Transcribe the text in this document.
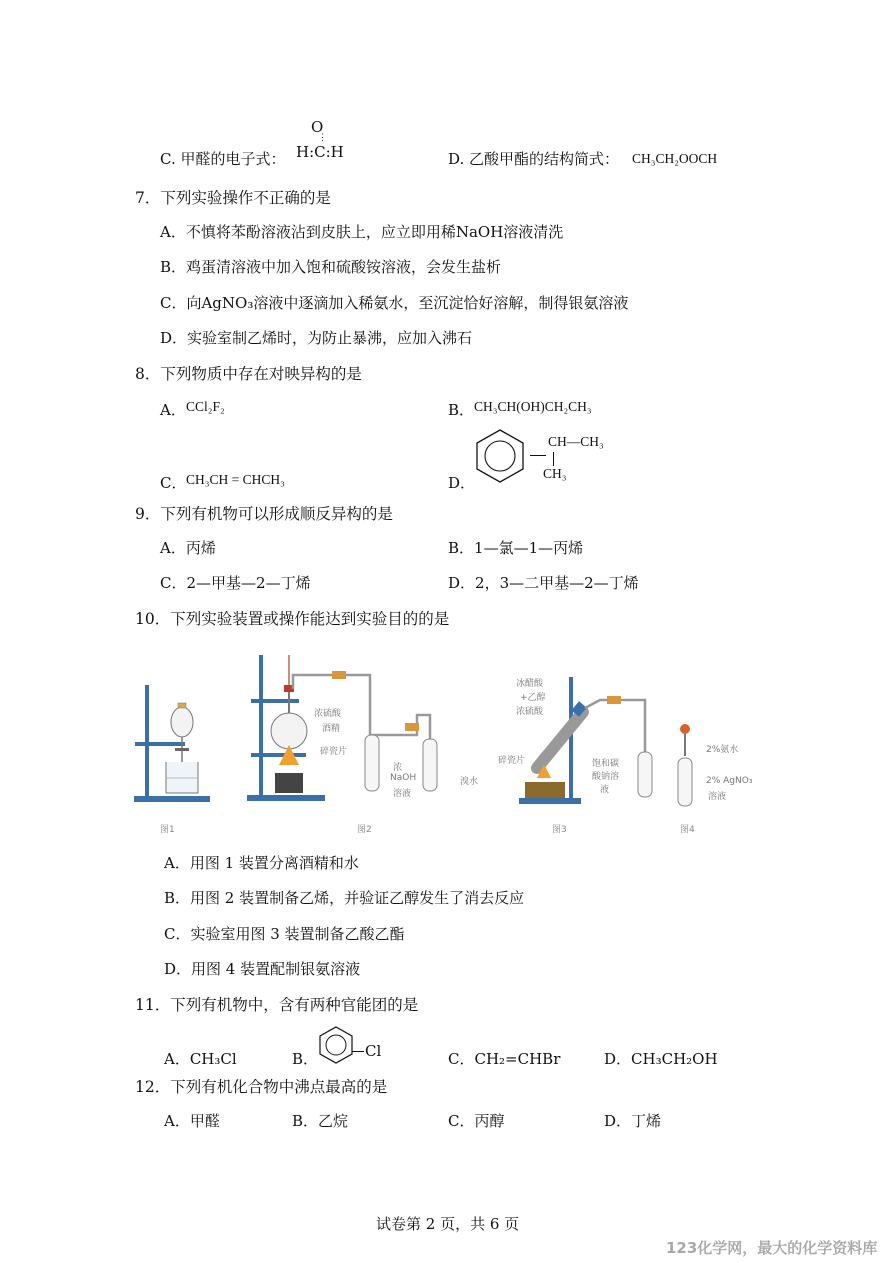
C. 甲醛的电子式：
O
⋮
H:C:H	D. 乙酸甲酯的结构简式： CH₃CH₂OOCH
7．下列实验操作不正确的是
A．不慎将苯酚溶液沾到皮肤上，应立即用稀NaOH溶液清洗
B．鸡蛋清溶液中加入饱和硫酸铵溶液，会发生盐析
C．向AgNO₃溶液中逐滴加入稀氨水，至沉淀恰好溶解，制得银氨溶液
D．实验室制乙烯时，为防止暴沸，应加入沸石
8．下列物质中存在对映异构的是
A． CCl₂F₂	B． CH₃CH(OH)CH₂CH₃
C． CH₃CH = CHCH₃	D．
CH—CH₃
CH₃
9．下列有机物可以形成顺反异构的是
A．丙烯	B．1—氯—1—丙烯
C．2—甲基—2—丁烯	D．2，3—二甲基—2—丁烯
10．下列实验装置或操作能达到实验目的的是
浓硫酸
酒精
碎瓷片
浓
NaOH
溶液
溴水
冰醋酸
+乙醇
浓硫酸
碎瓷片	饱和碳
酸钠溶
液
2%氨水
2% AgNO₃
溶液
图1	图2	图3	图4
A．用图 1 装置分离酒精和水
B．用图 2 装置制备乙烯，并验证乙醇发生了消去反应
C．实验室用图 3 装置制备乙酸乙酯
D．用图 4 装置配制银氨溶液
11．下列有机物中，含有两种官能团的是
A．CH₃Cl	B．	Cl	C．CH₂=CHBr	D．CH₃CH₂OH
12．下列有机化合物中沸点最高的是
A．甲醛	B．乙烷	C．丙醇	D．丁烯
试卷第 2 页，共 6 页
123化学网，最大的化学资料库
